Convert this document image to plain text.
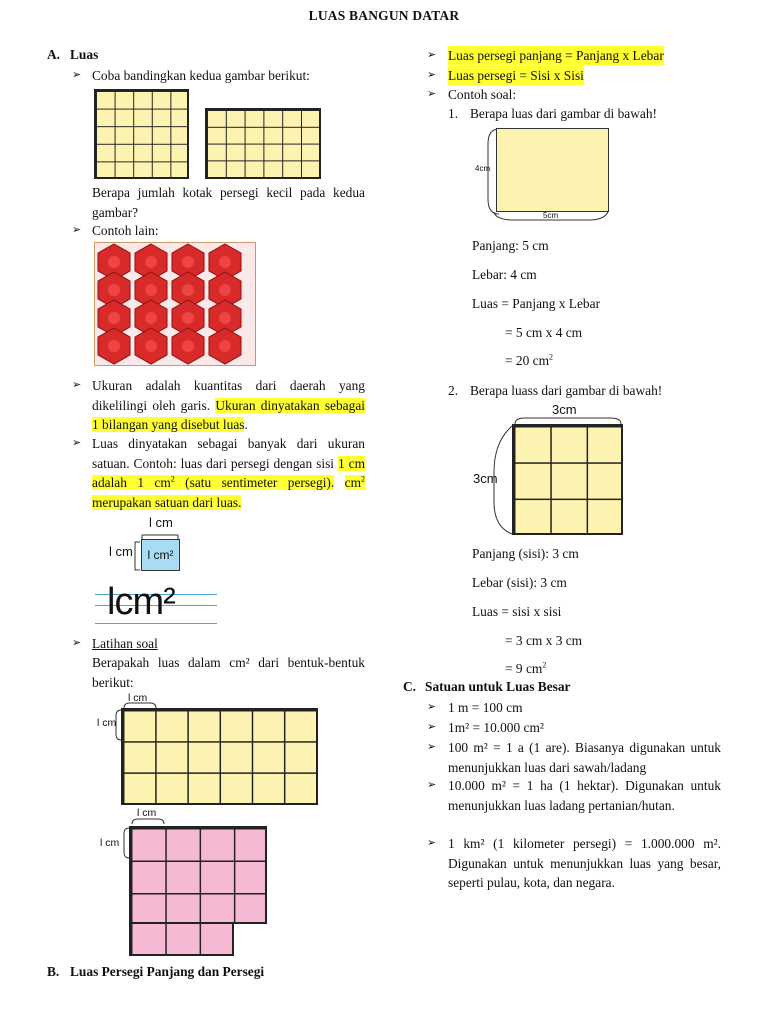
LUAS BANGUN DATAR
A. Luas
➢ Coba bandingkan kedua gambar berikut:
Berapa jumlah kotak persegi kecil pada kedua gambar?
➢ Contoh lain:
➢ Ukuran adalah kuantitas dari daerah yang dikelilingi oleh garis. Ukuran dinyatakan sebagai 1 bilangan yang disebut luas.
➢ Luas dinyatakan sebagai banyak dari ukuran satuan. Contoh: luas dari persegi dengan sisi 1 cm adalah 1 $cm^2$ (satu sentimeter persegi). $cm^2$ merupakan satuan dari luas.
l cm
l cm	l cm²
lcm²
➢ Latihan soal
Berapakah luas dalam cm² dari bentuk-bentuk berikut:
l cm
l cm
l cm
l cm
B. Luas Persegi Panjang dan Persegi
➢ Luas persegi panjang = Panjang x Lebar
➢ Luas persegi = Sisi x Sisi
➢ Contoh soal:
1. Berapa luas dari gambar di bawah!
4cm
5cm
Panjang: 5 cm
Lebar: 4 cm
Luas = Panjang x Lebar
= 5 cm x 4 cm
= 20 $cm^2$
2. Berapa luass dari gambar di bawah!
3cm
3cm
Panjang (sisi): 3 cm
Lebar (sisi): 3 cm
Luas = sisi x sisi
= 3 cm x 3 cm
= 9 $cm^2$
C. Satuan untuk Luas Besar
➢ 1 m = 100 cm
➢ 1m² = 10.000 cm²
➢ 100 m² = 1 a (1 are). Biasanya digunakan untuk menunjukkan luas dari sawah/ladang
➢ 10.000 m² = 1 ha (1 hektar). Digunakan untuk menunjukkan luas ladang pertanian/hutan.
➢ 1 km² (1 kilometer persegi) = 1.000.000 m². Digunakan untuk menunjukkan luas yang besar, seperti pulau, kota, dan negara.
